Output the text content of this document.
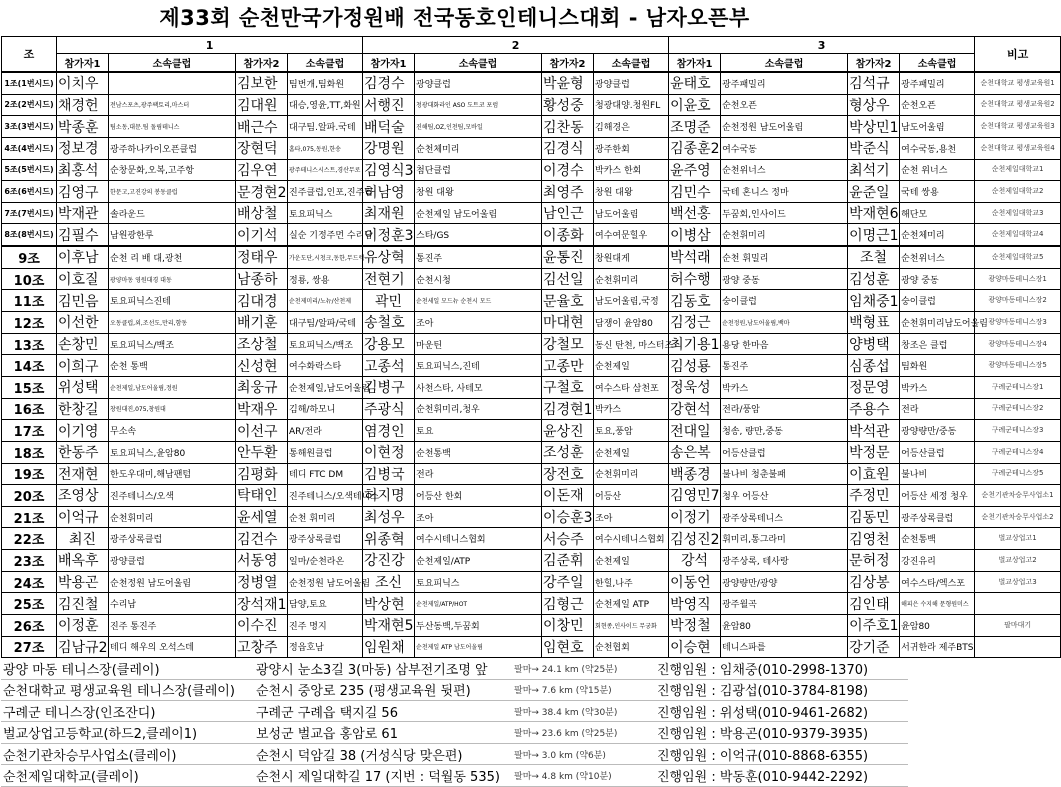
제33회 순천만국가정원배 전국동호인테니스대회 - 남자오픈부
조	1				2				3				비고
	참가자1	소속클럽	참가자2	소속클럽	참가자1	소속클럽	참가자2	소속클럽	참가자1	소속클럽	참가자2	소속클럽	
1조(1번시드)	이치우		김보한	팀번개,팀화원	김경수	광양클럽	박윤형	광양클럽	윤태호	광주패밀리	김석규	광주패밀리	순천대학교 평생교육원1
2조(2번시드)	채경헌	전남스포츠,광주팩토리,마스터	김대원	대승,영윤,TT,화원	서행진	청광대화라인 ASO 도트코 포럼	황성중	청광대양.청원FL	이윤호	순천오픈	형상우	순천오픈	순천대학교 평생교육원2
3조(3번시드)	박종훈	팀소동,대문.팀 돌림테니스	배근수	대구팀.알파.국테	배덕술	진해팀,OZ,인천팀,모바일	김찬동	김해경은	조명준	순천정원 남도어울림	박상민1	남도어울림	순천대학교 평생교육원3
4조(4번시드)	정보경	광주하나카이오픈클럽	장현덕	홈타,075,동원,한송	강명원	순천체미리	김경식	광주한회	김종훈2	여수국동	박준식	여수국동,용천	순천대학교 평생교육원4
5조(5번시드)	최홍석	순창문화,오복,고주항	김우연	광주테니스시스트,경산무로	김영식3	첨단클럽	이경수	박카스 한회	윤주영	순천위너스	최석기	순천 위너스	순천제일대학교1
6조(6번시드)	김영구	한문고,고진강의 봉동클럽	문경현2	진주클럽,인포,진주팀	허남영	창원 대왕	최영주	창원 대왕	김민수	국테 혼니스 정마	윤준일	국테 쌍용	순천제일대학교2
7조(7번시드)	박재관	솔라운드	배상철	토요피닉스	최재원	순천제일 남도어울림	남인근	남도어울림	백선홍	두꿈회,인사이드	박재현6	해단모	순천제일대학교3
8조(8번시드)	김필수	남원광한루	이기석	실순 기정주먼 수리남	이정훈3	스타/GS	이종화	여수여문힐우	이병삼	순천휘미리	이명근1	순천체미리	순천제일대학교4
9조	이후남	순천 리 배 대,광천	정태우	가운도단,시청크,동한,무드렉	유상혁	통진주	윤통진	창원대게	박석래	순천 휘밀리	조철	순천위너스	순천제일대학교5
10조	이호질	광양마동 영원대경 대동	남종하	정룡, 쌍용	전현기	순천시청	김선일	순천휘미리	허수행	광양 중동	김성훈	광양 중동	광양마동테니스장1
11조	김민음	토요피닉스진테	김대경	순천제미리/노뉴/산천제	곽민	순천세일 모드뉴 순천시 모드	문율호	남도어울림,국정	김동호	숭이클럽	임채중1	숭이클럽	광양마동테니스장2
12조	이선한	오동클럽,외,조선도,만리,함동	배기훈	대구팀/알파/국테	송철호	조아	마대현	담쟁이 윤암80	김정근	순천정원,남도어울림,백마	백형표	순천휘미리남도어울림	광양마동테니스장3
13조	손창민	토요피닉스/백조	조상철	토요피닉스/백조	강용모	마운틴	강철모	동신 탄천, 마스터즈	최기용1	용당 한마음	양병택	창조은 클럽	광양마동테니스장4
14조	이희구	순천 통백	신성현	여수화락스타	고종석	토요피닉스,진테	고종만	순천제일	김성룡	통진주	심종섭	팀화원	광양마동테니스장5
15조	위성택	순천제일,남도어울림,정원	최웅규	순천제일,남도어울림	김병구	사천스타, 사테모	구철호	여수스타 삼천포	정욱성	박카스	정문영	박카스	구례군테니스장1
16조	한창길	창원대진,075,창원대	박재우	김해/하모니	주광식	순천휘미리,청우	김경현1	박카스	강현석	전라/풍암	주용수	전라	구례군테니스장2
17조	이기영	무소속	이선구	AR/전라	염경인	토요	윤상진	토요,풍암	전대일	청송, 량만,중동	박석관	광양량만/중동	구례군테니스장3
18조	한동주	토요피닉스,윤암80	안두환	통해원클럽	이현정	순천통백	조성훈	순천제일	송은복	어등산클럽	박정문	어등산클럽	구례군테니스장4
19조	전재현	한도우대미,해남팬텀	김평화	테디 FTC DM	김병국	전라	장전호	순천휘미리	백종경	불나비 청춘불패	이효원	불나비	구례군테니스장5
20조	조영상	진주테니스/오색	탁태인	진주테니스/오색테니스	허지명	어등산 한회	이돈재	어등산	김영민7	청우 어등산	주정민	어등산 세정 청우	순천기관차승무사업소1
21조	이억규	순천휘미리	윤세열	순천 휘미리	최성우	조아	이승훈3	조아	이정기	광주상록테니스	김동민	광주상록클럽	순천기관차승무사업소2
22조	최진	광주상록클럽	김건수	광주상록클럽	위종혁	여수시테니스협회	서승주	여수시테니스협회	김성진2	휘미리,통그라미	김영천	순천통백	벌교상업고1
23조	배옥후	광양클럽	서동영	일마/순천라온	강진강	순천제일/ATP	김준휘	순천제일	강석	광주상록, 테사랑	문허정	강진유리	벌교상업고2
24조	박용곤	순천정원 남도어울림	정병열	순천정원 남도어울림	조신	토요피닉스	강주일	한힐,나주	이동언	광양량만/광양	김상봉	여수스타/엑스포	벌교상업고3
25조	김진철	수리남	장석재1	담양,토요	박상현	순천제일/ATP/HOT	김형근	순천제일 ATP	박영직	광주월곡	김인태	해피은 수지해 문형원미스	
26조	이정훈	진주 통진주	이수진	진주 명지	박재현5	두산동백,두꿈회	이창민	회현종,인사이드 무궁화	박정철	윤암80	이주호1	윤암80	팔마대기
27조	김남규2	테디 해우의 오석스데	고창주	정읍호남	임원채	순천제일 ATP 남도어울림	임현호	순천협회	이승현	테니스파를	강기준	서귀한라 제주BTS	
광양 마동 테니스장(클레이)	광양시 눈소3길 3(마동) 삼부전기조명 앞	팔마→ 24.1 km (약25분)	진행임원 : 임채중(010-2998-1370)
순천대학교 평생교육원 테니스장(클레이)	순천시 중앙로 235 (평생교육원 뒷편)	팔마→ 7.6 km (약15분)	진행임원 : 김광섭(010-3784-8198)
구례군 테니스장(인조잔디)	구례군 구례읍 택지길 56	팔마→ 38.4 km (약30분)	진행임원 : 위성택(010-9461-2682)
벌교상업고등학교(하드2,클레이1)	보성군 벌교읍 홍암로 61	팔마→ 23.6 km (약25분)	진행임원 : 박용곤(010-9379-3935)
순천기관차승무사업소(클레이)	순천시 덕암길 38 (거성식당 맞은편)	팔마→ 3.0 km (약6분)	진행임원 : 이억규(010-8868-6355)
순천제일대학교(클레이)	순천시 제일대학길 17 (지번 : 덕월동 535)	팔마→ 4.8 km (약10분)	진행임원 : 박동훈(010-9442-2292)
